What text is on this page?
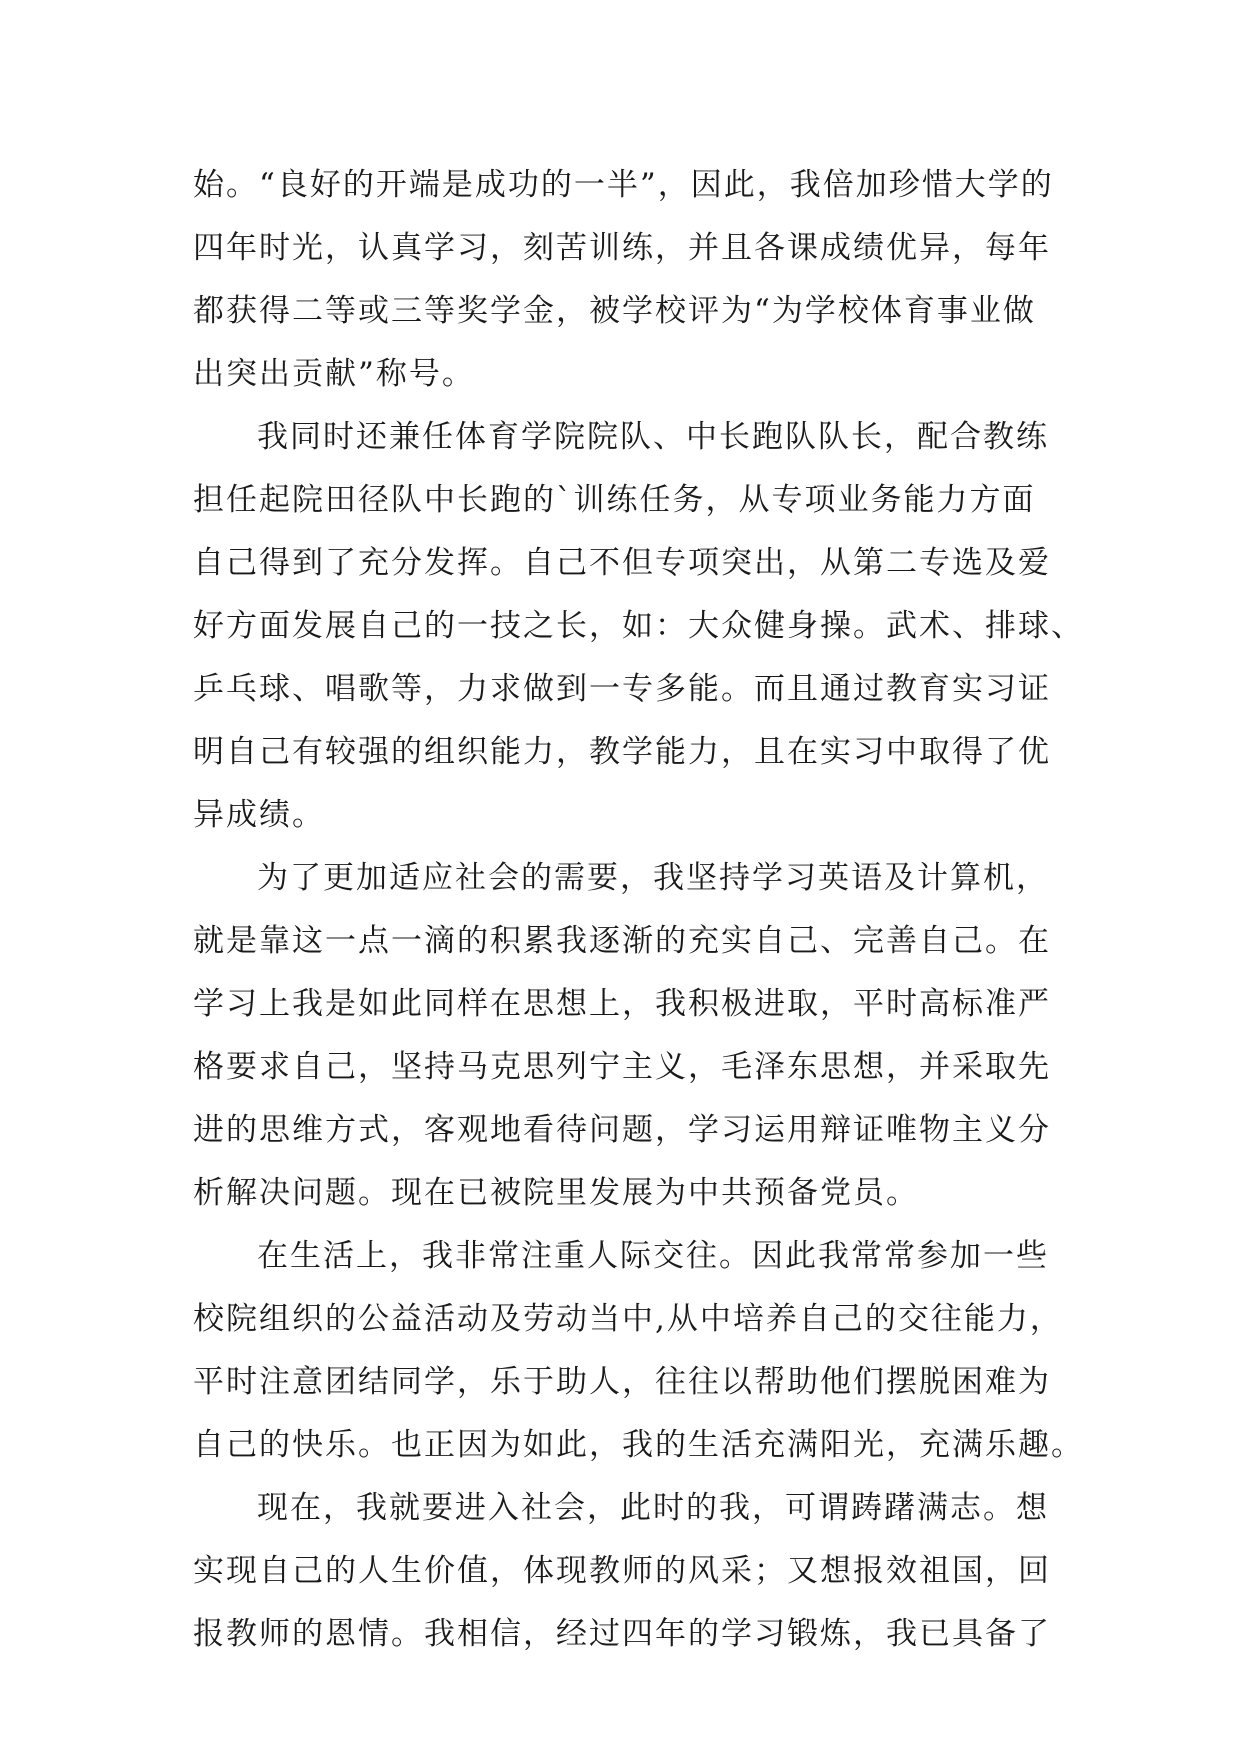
始。“良好的开端是成功的一半”，因此，我倍加珍惜大学的
四年时光，认真学习，刻苦训练，并且各课成绩优异，每年
都获得二等或三等奖学金，被学校评为“为学校体育事业做
出突出贡献”称号。
我同时还兼任体育学院院队、中长跑队队长，配合教练
担任起院田径队中长跑的`训练任务，从专项业务能力方面
自己得到了充分发挥。自己不但专项突出，从第二专选及爱
好方面发展自己的一技之长，如：大众健身操。武术、排球、
乒乓球、唱歌等，力求做到一专多能。而且通过教育实习证
明自己有较强的组织能力，教学能力，且在实习中取得了优
异成绩。
为了更加适应社会的需要，我坚持学习英语及计算机，
就是靠这一点一滴的积累我逐渐的充实自己、完善自己。在
学习上我是如此同样在思想上，我积极进取，平时高标准严
格要求自己，坚持马克思列宁主义，毛泽东思想，并采取先
进的思维方式，客观地看待问题，学习运用辩证唯物主义分
析解决问题。现在已被院里发展为中共预备党员。
在生活上，我非常注重人际交往。因此我常常参加一些
校院组织的公益活动及劳动当中,从中培养自己的交往能力，
平时注意团结同学，乐于助人，往往以帮助他们摆脱困难为
自己的快乐。也正因为如此，我的生活充满阳光，充满乐趣。
现在，我就要进入社会，此时的我，可谓踌躇满志。想
实现自己的人生价值，体现教师的风采；又想报效祖国，回
报教师的恩情。我相信，经过四年的学习锻炼，我已具备了
